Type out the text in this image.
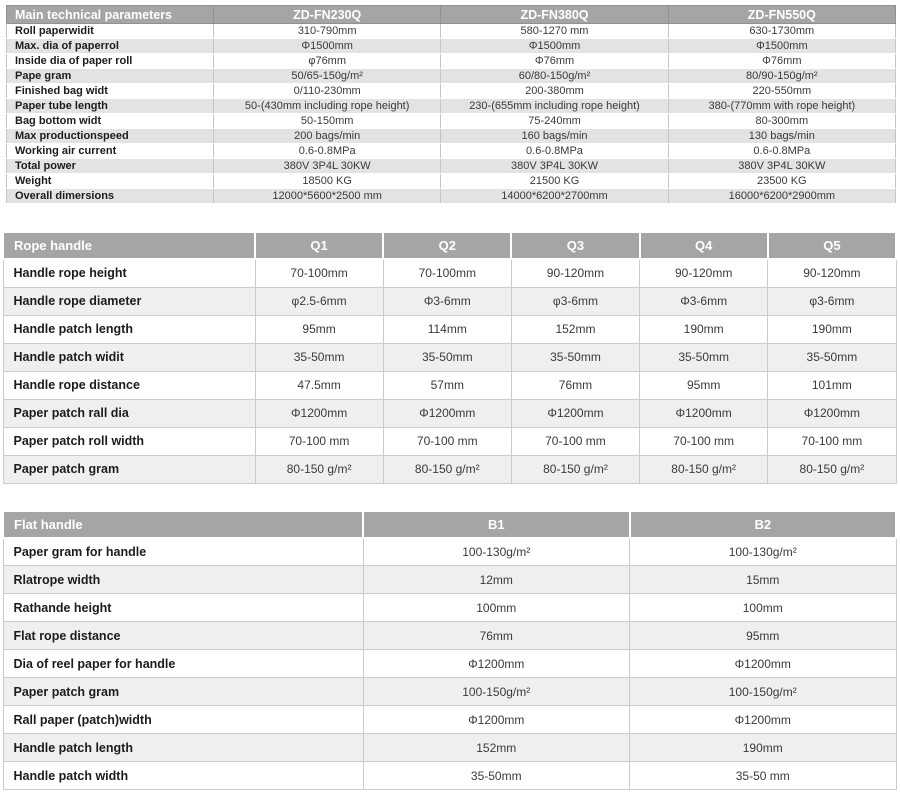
Main technical parameters	ZD-FN230Q	ZD-FN380Q	ZD-FN550Q
Roll paperwidit	310-790mm	580-1270 mm	630-1730mm
Max. dia of paperrol	Φ1500mm	Φ1500mm	Φ1500mm
Inside dia of paper roll	φ76mm	Φ76mm	Φ76mm
Pape gram	50/65-150g/m²	60/80-150g/m²	80/90-150g/m²
Finished bag widt	0/110-230mm	200-380mm	220-550mm
Paper tube length	50-(430mm including rope height)	230-(655mm including rope height)	380-(770mm with rope height)
Bag bottom widt	50-150mm	75-240mm	80-300mm
Max productionspeed	200 bags/min	160 bags/min	130 bags/min
Working air current	0.6-0.8MPa	0.6-0.8MPa	0.6-0.8MPa
Total power	380V 3P4L 30KW	380V 3P4L 30KW	380V 3P4L 30KW
Weight	18500 KG	21500 KG	23500 KG
Overall dimersions	12000*5600*2500 mm	14000*6200*2700mm	16000*6200*2900mm
Rope handle	Q1	Q2	Q3	Q4	Q5
Handle rope height	70-100mm	70-100mm	90-120mm	90-120mm	90-120mm
Handle rope diameter	φ2.5-6mm	Φ3-6mm	φ3-6mm	Φ3-6mm	φ3-6mm
Handle patch length	95mm	114mm	152mm	190mm	190mm
Handle patch widit	35-50mm	35-50mm	35-50mm	35-50mm	35-50mm
Handle rope distance	47.5mm	57mm	76mm	95mm	101mm
Paper patch rall dia	Φ1200mm	Φ1200mm	Φ1200mm	Φ1200mm	Φ1200mm
Paper patch roll width	70-100 mm	70-100 mm	70-100 mm	70-100 mm	70-100 mm
Paper patch gram	80-150 g/m²	80-150 g/m²	80-150 g/m²	80-150 g/m²	80-150 g/m²
Flat handle	B1	B2
Paper gram for handle	100-130g/m²	100-130g/m²
Rlatrope width	12mm	15mm
Rathande height	100mm	100mm
Flat rope distance	76mm	95mm
Dia of reel paper for handle	Φ1200mm	Φ1200mm
Paper patch gram	100-150g/m²	100-150g/m²
Rall paper (patch)width	Φ1200mm	Φ1200mm
Handle patch length	152mm	190mm
Handle patch width	35-50mm	35-50 mm
